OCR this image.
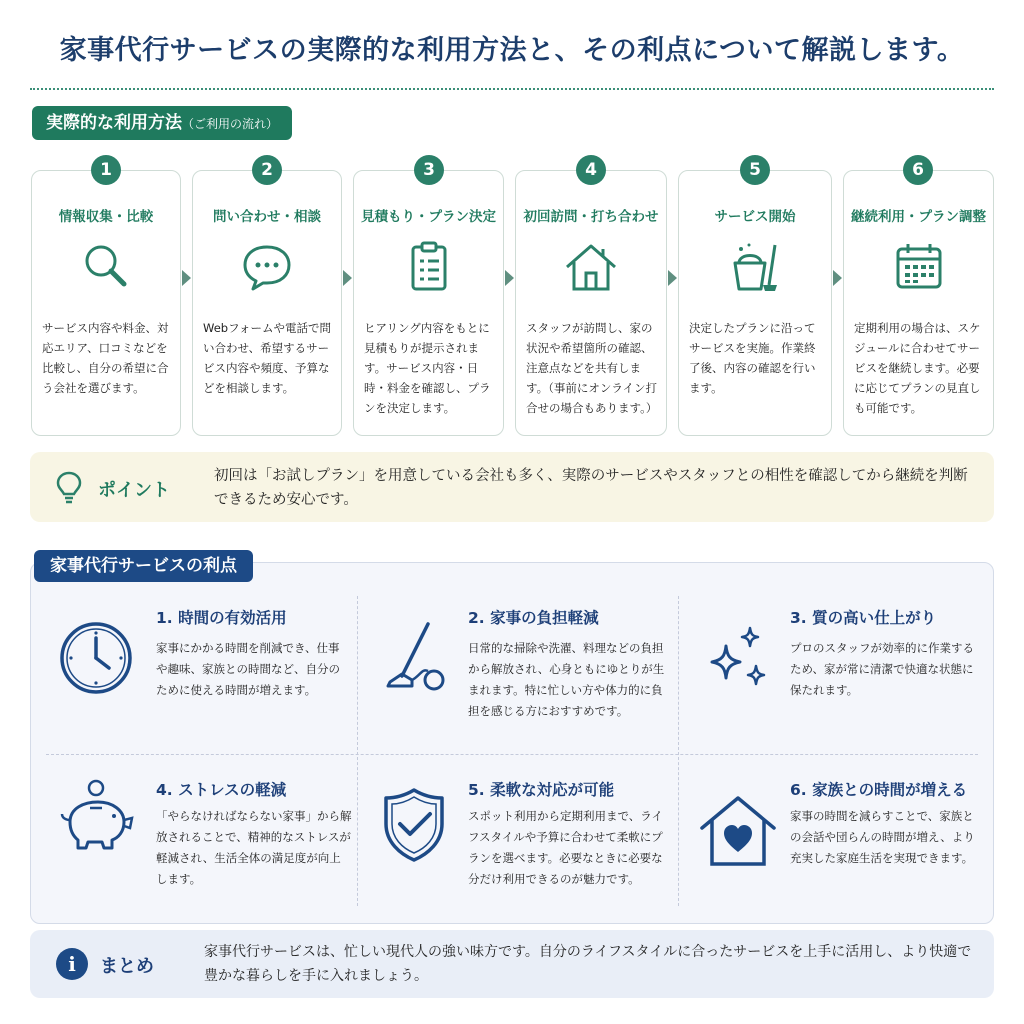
家事代行サービスの実際的な利用方法と、その利点について解説します。
実際的な利用方法（ご利用の流れ）
情報収集・比較
サービス内容や料金、対応エリア、口コミなどを比較し、自分の希望に合う会社を選びます。
1
問い合わせ・相談
Webフォームや電話で問い合わせ、希望するサービス内容や頻度、予算などを相談します。
2
見積もり・プラン決定
ヒアリング内容をもとに見積もりが提示されます。サービス内容・日時・料金を確認し、プランを決定します。
3
初回訪問・打ち合わせ
スタッフが訪問し、家の状況や希望箇所の確認、注意点などを共有します。（事前にオンライン打合せの場合もあります。）
4
サービス開始
決定したプランに沿ってサービスを実施。作業終了後、内容の確認を行います。
5
継続利用・プラン調整
定期利用の場合は、スケジュールに合わせてサービスを継続します。必要に応じてプランの見直しも可能です。
6
ポイント
初回は「お試しプラン」を用意している会社も多く、実際のサービスやスタッフとの相性を確認してから継続を判断できるため安心です。
家事代行サービスの利点
1. 時間の有効活用
家事にかかる時間を削減でき、仕事や趣味、家族との時間など、自分のために使える時間が増えます。
2. 家事の負担軽減
日常的な掃除や洗濯、料理などの負担から解放され、心身ともにゆとりが生まれます。特に忙しい方や体力的に負担を感じる方におすすめです。
3. 質の高い仕上がり
プロのスタッフが効率的に作業するため、家が常に清潔で快適な状態に保たれます。
4. ストレスの軽減
「やらなければならない家事」から解放されることで、精神的なストレスが軽減され、生活全体の満足度が向上します。
5. 柔軟な対応が可能
スポット利用から定期利用まで、ライフスタイルや予算に合わせて柔軟にプランを選べます。必要なときに必要な分だけ利用できるのが魅力です。
6. 家族との時間が増える
家事の時間を減らすことで、家族との会話や団らんの時間が増え、より充実した家庭生活を実現できます。
i	まとめ
家事代行サービスは、忙しい現代人の強い味方です。自分のライフスタイルに合ったサービスを上手に活用し、より快適で豊かな暮らしを手に入れましょう。
